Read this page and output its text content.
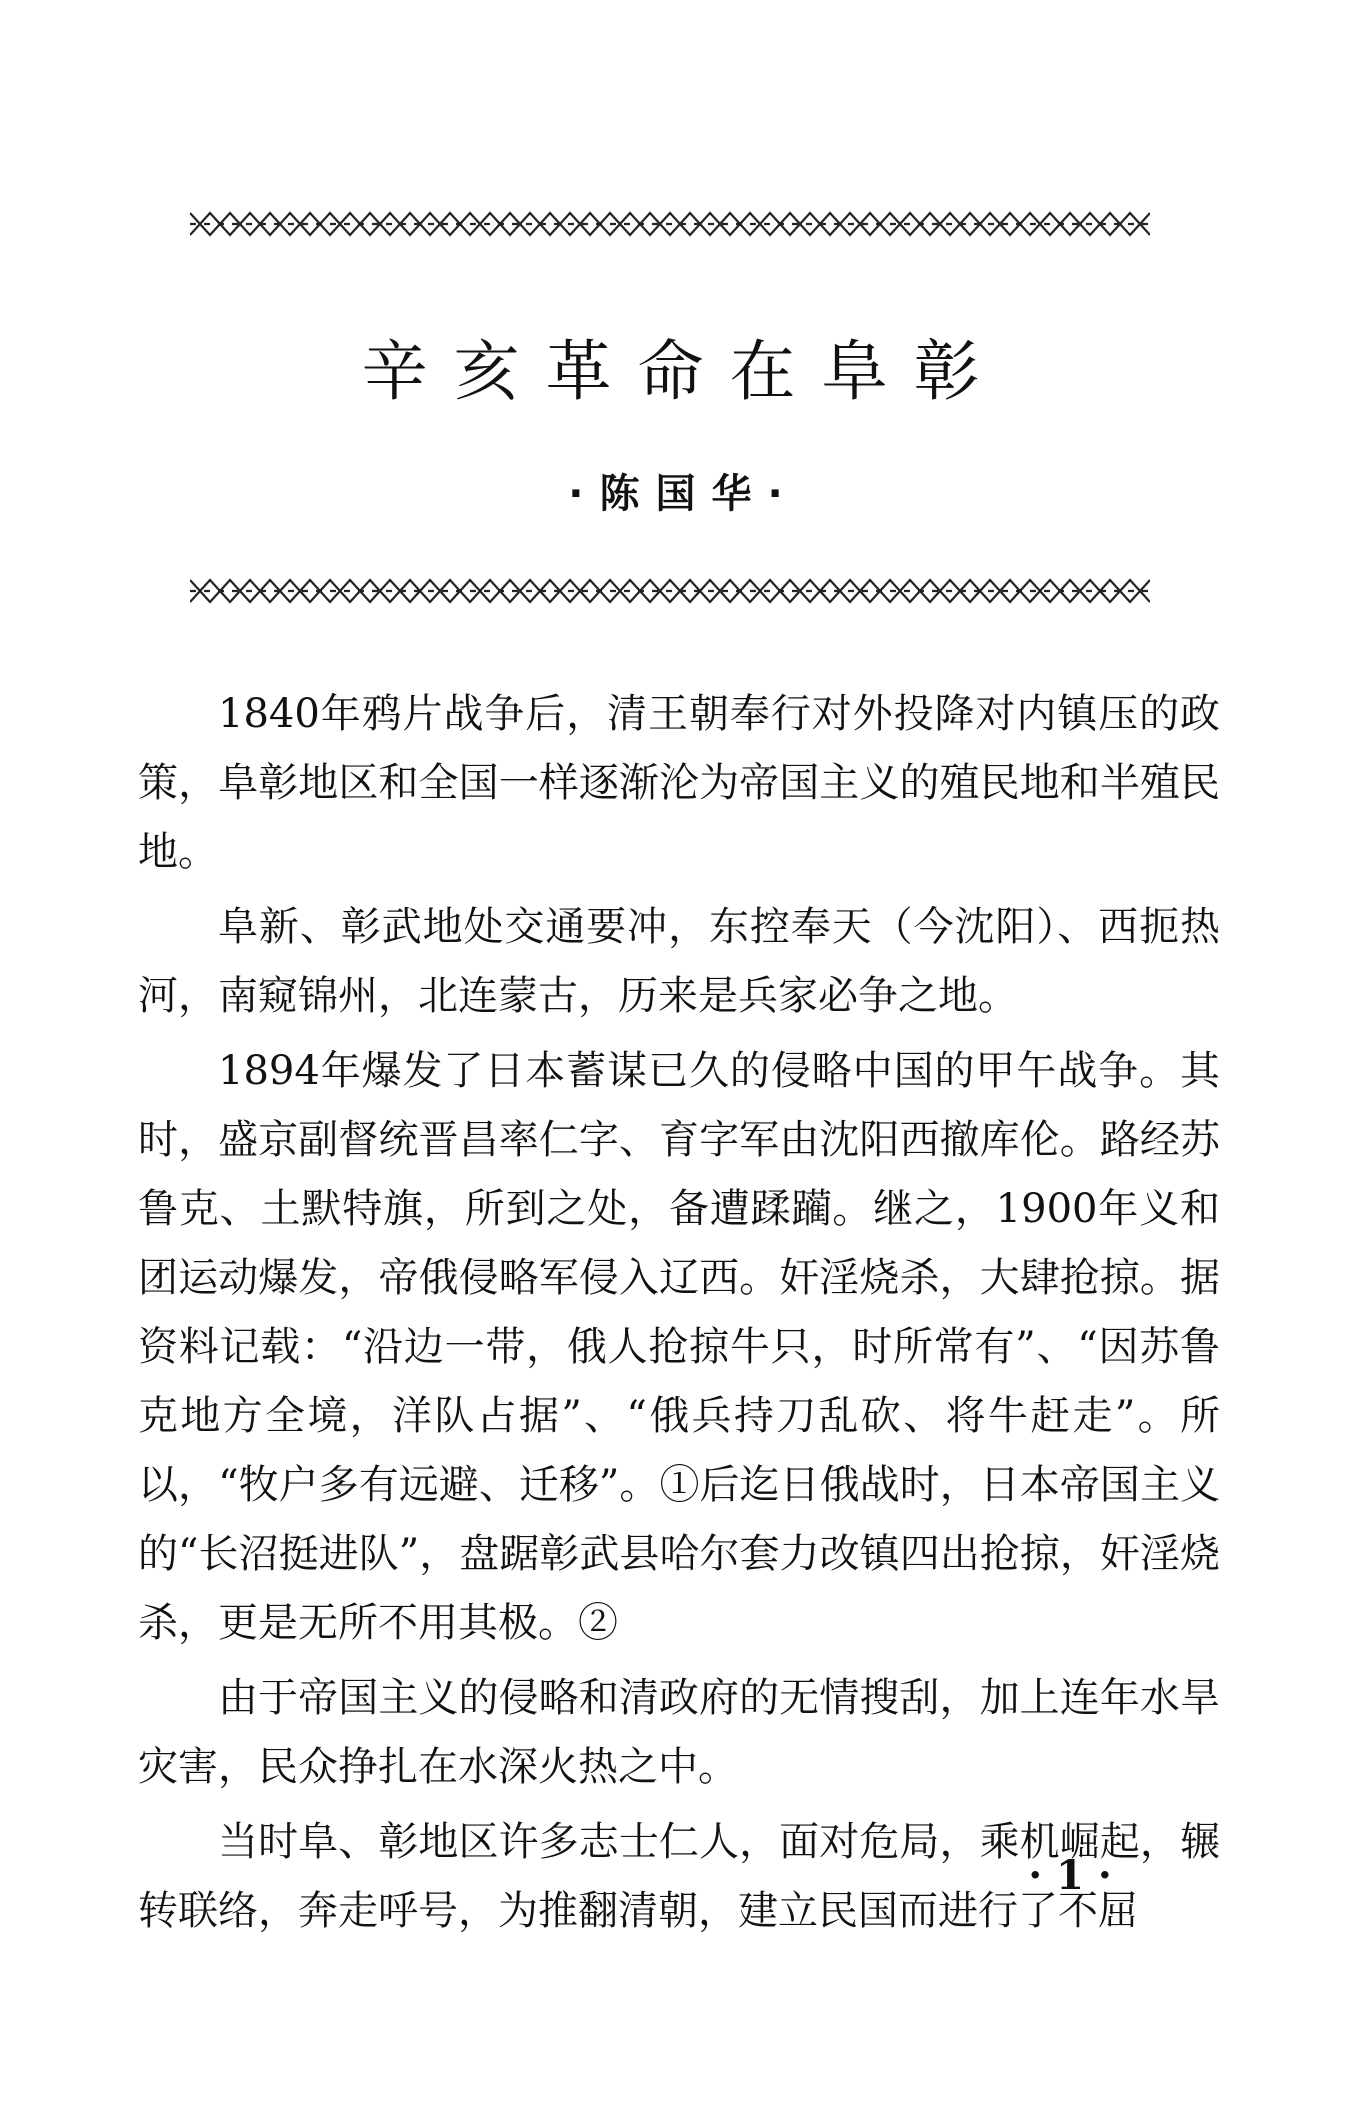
辛亥革命在阜彰
·陈国华·

1840年鸦片战争后，清王朝奉行对外投降对内镇压的政策，阜彰地区和全国一样逐渐沦为帝国主义的殖民地和半殖民地。

阜新、彰武地处交通要冲，东控奉天（今沈阳）、西扼热河，南窥锦州，北连蒙古，历来是兵家必争之地。

1894年爆发了日本蓄谋已久的侵略中国的甲午战争。其时，盛京副督统晋昌率仁字、育字军由沈阳西撤库伦。路经苏鲁克、土默特旗，所到之处，备遭蹂躏。继之，1900年义和团运动爆发，帝俄侵略军侵入辽西。奸淫烧杀，大肆抢掠。据资料记载：“沿边一带，俄人抢掠牛只，时所常有”、“因苏鲁克地方全境，洋队占据”、“俄兵持刀乱砍、将牛赶走”。所以，“牧户多有远避、迁移”。①后迄日俄战时，日本帝国主义的“长沼挺进队”，盘踞彰武县哈尔套力改镇四出抢掠，奸淫烧杀，更是无所不用其极。②

由于帝国主义的侵略和清政府的无情搜刮，加上连年水旱灾害，民众挣扎在水深火热之中。

当时阜、彰地区许多志士仁人，面对危局，乘机崛起，辗转联络，奔走呼号，为推翻清朝，建立民国而进行了不屈

· 1 ·
